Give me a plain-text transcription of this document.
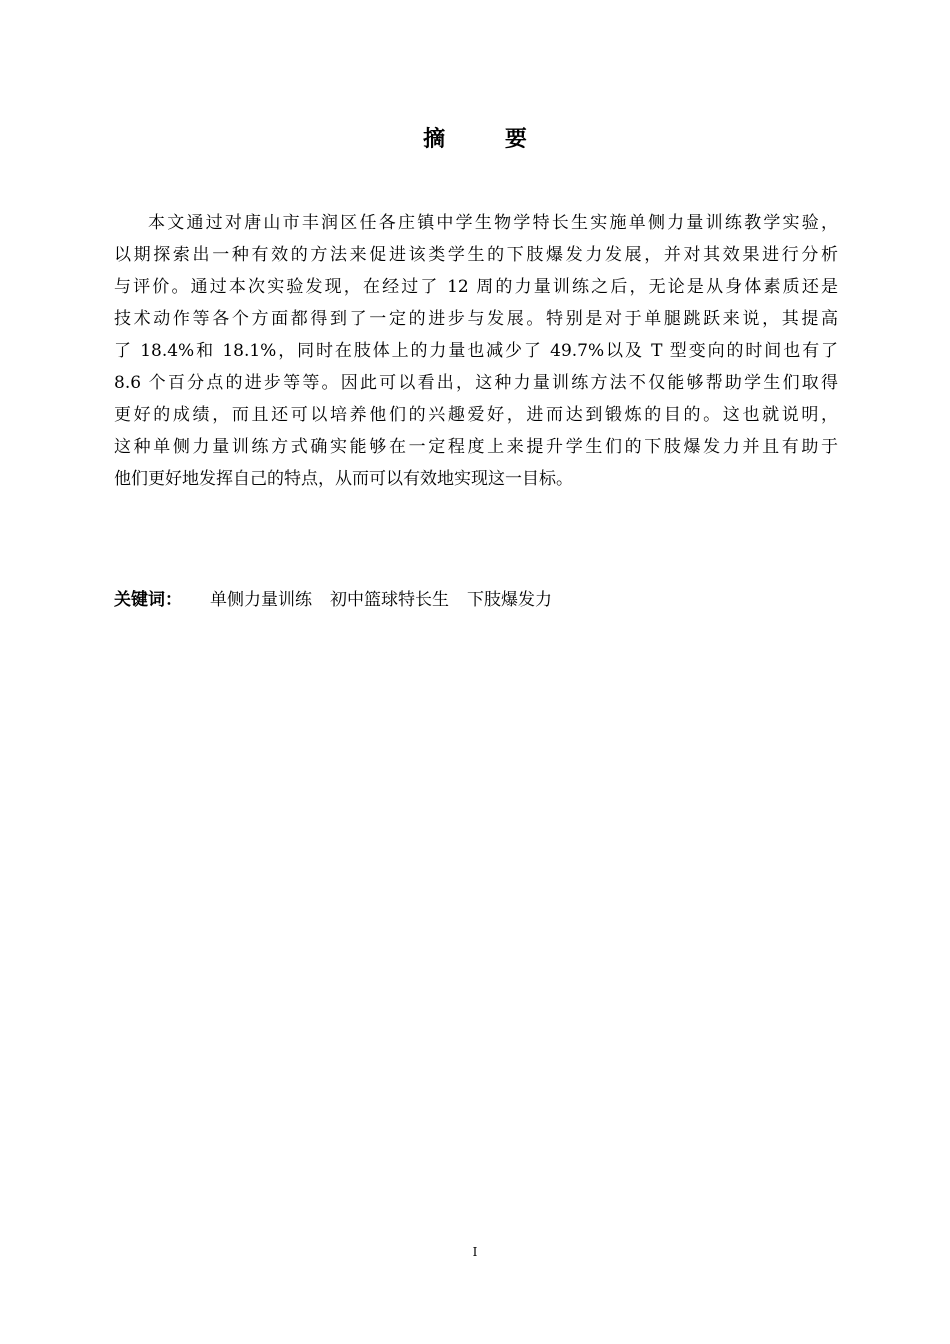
摘 要
本文通过对唐山市丰润区任各庄镇中学生物学特长生实施单侧力量训练教学实验，
以期探索出一种有效的方法来促进该类学生的下肢爆发力发展，并对其效果进行分析
与评价。通过本次实验发现，在经过了 12 周的力量训练之后，无论是从身体素质还是
技术动作等各个方面都得到了一定的进步与发展。特别是对于单腿跳跃来说，其提高
了 18.4%和 18.1%，同时在肢体上的力量也减少了 49.7%以及 T 型变向的时间也有了
8.6 个百分点的进步等等。因此可以看出，这种力量训练方法不仅能够帮助学生们取得
更好的成绩，而且还可以培养他们的兴趣爱好，进而达到锻炼的目的。这也就说明，
这种单侧力量训练方式确实能够在一定程度上来提升学生们的下肢爆发力并且有助于
他们更好地发挥自己的特点，从而可以有效地实现这一目标。
关键词： 单侧力量训练 初中篮球特长生 下肢爆发力
I
